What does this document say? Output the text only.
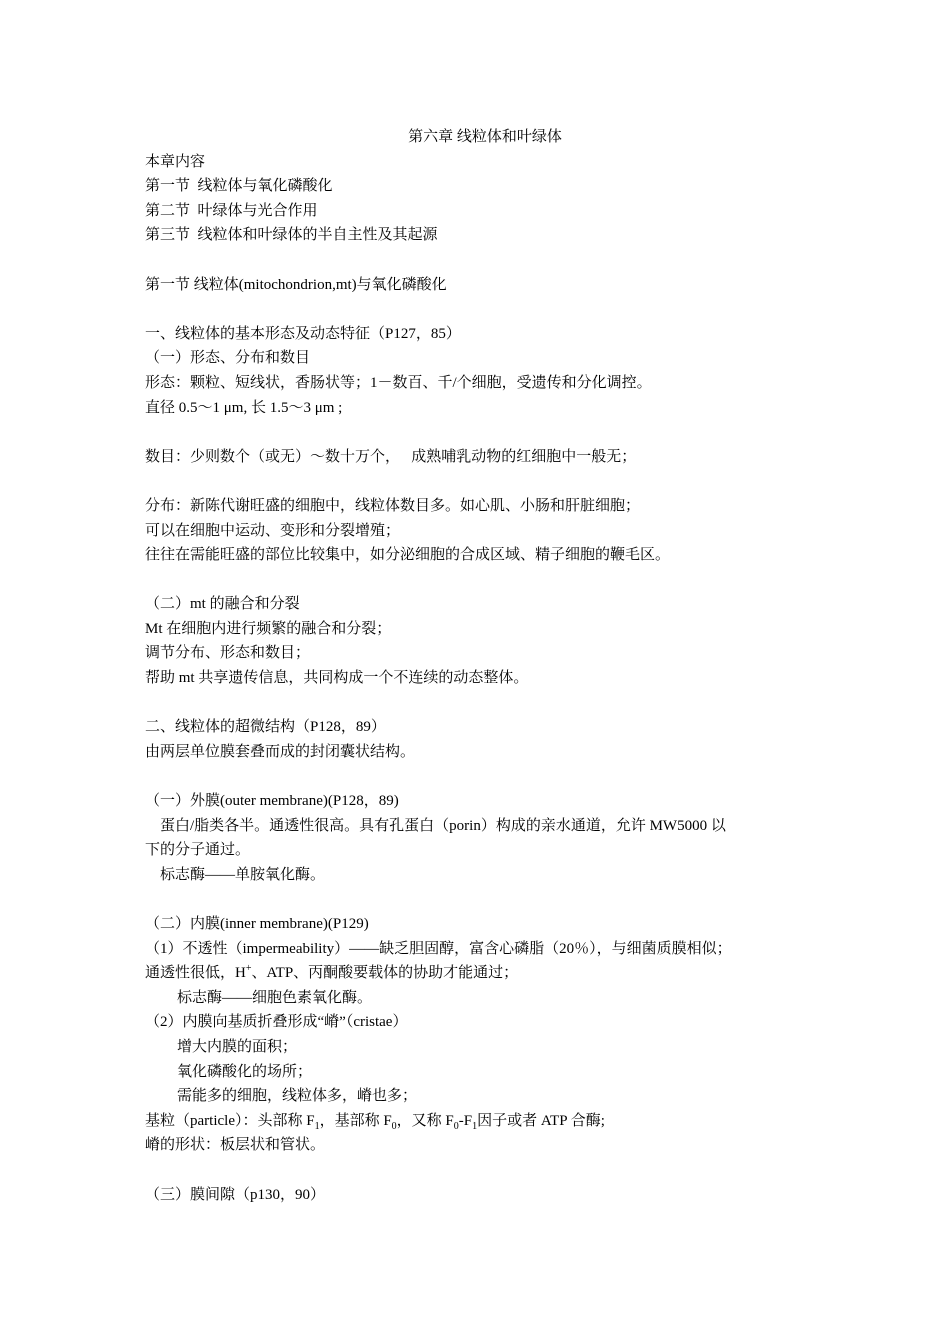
第六章 线粒体和叶绿体
本章内容
第一节  线粒体与氧化磷酸化
第二节  叶绿体与光合作用
第三节  线粒体和叶绿体的半自主性及其起源
第一节 线粒体(mitochondrion,mt)与氧化磷酸化
一、线粒体的基本形态及动态特征（P127，85）
（一）形态、分布和数目
形态：颗粒、短线状，香肠状等；1－数百、千/个细胞，受遗传和分化调控。
直径 0.5～1 μm, 长 1.5～3 μm ;
数目：少则数个（或无）～数十万个，   成熟哺乳动物的红细胞中一般无；
分布：新陈代谢旺盛的细胞中，线粒体数目多。如心肌、小肠和肝脏细胞；
可以在细胞中运动、变形和分裂增殖；
往往在需能旺盛的部位比较集中，如分泌细胞的合成区域、精子细胞的鞭毛区。
（二）mt 的融合和分裂
Mt 在细胞内进行频繁的融合和分裂；
调节分布、形态和数目；
帮助 mt 共享遗传信息，共同构成一个不连续的动态整体。
二、线粒体的超微结构（P128，89）
由两层单位膜套叠而成的封闭囊状结构。
（一）外膜(outer membrane)(P128，89)
蛋白/脂类各半。通透性很高。具有孔蛋白（porin）构成的亲水通道，允许 MW5000 以
下的分子通过。
标志酶——单胺氧化酶。
（二）内膜(inner membrane)(P129)
（1）不透性（impermeability）——缺乏胆固醇，富含心磷脂（20％），与细菌质膜相似；
通透性很低，H+、ATP、丙酮酸要载体的协助才能通过；
标志酶——细胞色素氧化酶。
（2）内膜向基质折叠形成“嵴”（cristae）
增大内膜的面积；
氧化磷酸化的场所；
需能多的细胞，线粒体多，嵴也多；
基粒（particle）：头部称 $F_1$，基部称 $F_0$，又称 $F_0-F_1$因子或者 ATP 合酶;
嵴的形状：板层状和管状。
（三）膜间隙（p130，90）
